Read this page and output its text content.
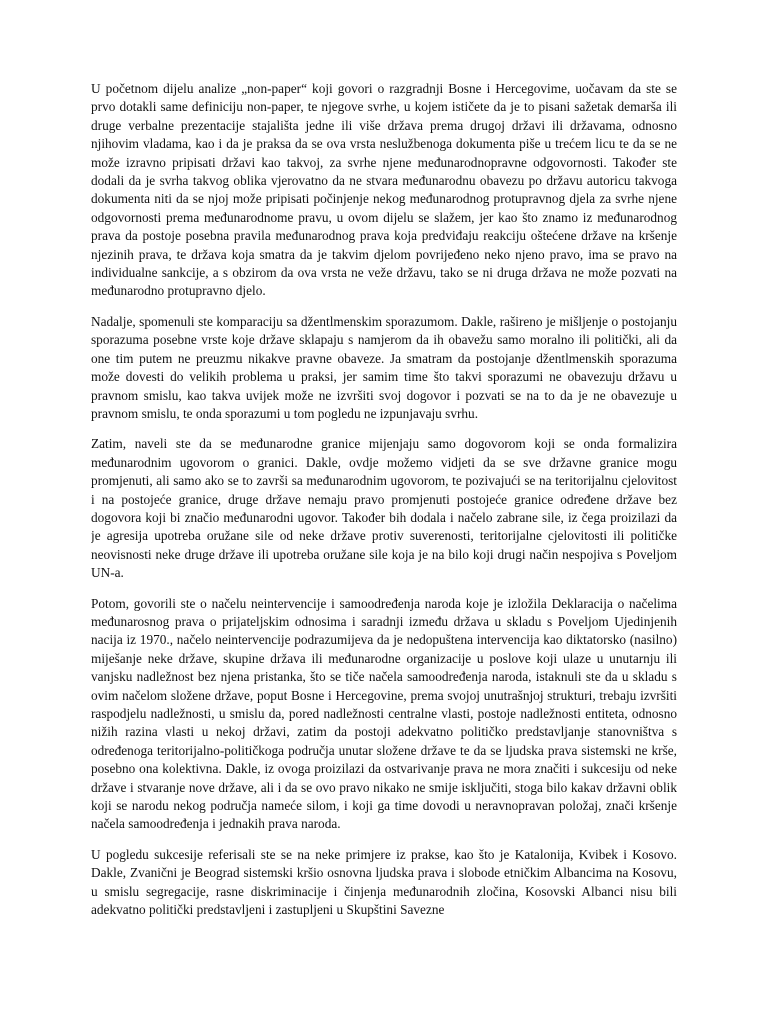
U početnom dijelu analize „non-paper“ koji govori o razgradnji Bosne i Hercegovime, uočavam da ste se prvo dotakli same definiciju non-paper, te njegove svrhe, u kojem ističete da je to pisani sažetak demarša ili druge verbalne prezentacije stajališta jedne ili više država prema drugoj državi ili državama, odnosno njihovim vladama, kao i da je praksa da se ova vrsta neslužbenoga dokumenta piše u trećem licu te da se ne može izravno pripisati državi kao takvoj, za svrhe njene međunarodnopravne odgovornosti. Također ste dodali da je svrha takvog oblika vjerovatno da ne stvara međunarodnu obavezu po državu autoricu takvoga dokumenta niti da se njoj može pripisati počinjenje nekog međunarodnog protupravnog djela za svrhe njene odgovornosti prema međunarodnome pravu, u ovom dijelu se slažem, jer kao što znamo iz međunarodnog prava da postoje posebna pravila međunarodnog prava koja predviđaju reakciju oštećene države na kršenje njezinih prava, te država koja smatra da je takvim djelom povrijeđeno neko njeno pravo, ima se pravo na individualne sankcije, a s obzirom da ova vrsta ne veže državu, tako se ni druga država ne može pozvati na međunarodno protupravno djelo.

Nadalje, spomenuli ste komparaciju sa džentlmenskim sporazumom. Dakle, rašireno je mišljenje o postojanju sporazuma posebne vrste koje države sklapaju s namjerom da ih obavežu samo moralno ili politički, ali da one tim putem ne preuzmu nikakve pravne obaveze. Ja smatram da postojanje džentlmenskih sporazuma može dovesti do velikih problema u praksi, jer samim time što takvi sporazumi ne obavezuju državu u pravnom smislu, kao takva uvijek može ne izvršiti svoj dogovor i pozvati se na to da je ne obavezuje u pravnom smislu, te onda sporazumi u tom pogledu ne izpunjavaju svrhu.

Zatim, naveli ste da se međunarodne granice mijenjaju samo dogovorom koji se onda formalizira međunarodnim ugovorom o granici. Dakle, ovdje možemo vidjeti da se sve državne granice mogu promjenuti, ali samo ako se to završi sa međunarodnim ugovorom, te pozivajući se na teritorijalnu cjelovitost i na postojeće granice, druge države nemaju pravo promjenuti postojeće granice određene države bez dogovora koji bi značio međunarodni ugovor. Također bih dodala i načelo zabrane sile, iz čega proizilazi da je agresija upotreba oružane sile od neke države protiv suverenosti, teritorijalne cjelovitosti ili političke neovisnosti neke druge države ili upotreba oružane sile koja je na bilo koji drugi način nespojiva s Poveljom UN-a.

Potom, govorili ste o načelu neintervencije i samoodređenja naroda koje je izložila Deklaracija o načelima međunarosnog prava o prijateljskim odnosima i saradnji između država u skladu s Poveljom Ujedinjenih nacija iz 1970., načelo neintervencije podrazumijeva da je nedopuštena intervencija kao diktatorsko (nasilno) miješanje neke države, skupine država ili međunarodne organizacije u poslove koji ulaze u unutarnju ili vanjsku nadležnost bez njena pristanka, što se tiče načela samoodređenja naroda, istaknuli ste da u skladu s ovim načelom složene države, poput Bosne i Hercegovine, prema svojoj unutrašnjoj strukturi, trebaju izvršiti raspodjelu nadležnosti, u smislu da, pored nadležnosti centralne vlasti, postoje nadležnosti entiteta, odnosno nižih razina vlasti u nekoj državi, zatim da postoji adekvatno političko predstavljanje stanovništva s određenoga teritorijalno-političkoga područja unutar složene države te da se ljudska prava sistemski ne krše, posebno ona kolektivna. Dakle, iz ovoga proizilazi da ostvarivanje prava ne mora značiti i sukcesiju od neke države i stvaranje nove države, ali i da se ovo pravo nikako ne smije isključiti, stoga bilo kakav državni oblik koji se narodu nekog područja nameće silom, i koji ga time dovodi u neravnopravan položaj, znači kršenje načela samoodređenja i jednakih prava naroda.

U pogledu sukcesije referisali ste se na neke primjere iz prakse, kao što je Katalonija, Kvibek i Kosovo. Dakle, Zvanični je Beograd sistemski kršio osnovna ljudska prava i slobode etničkim Albancima na Kosovu, u smislu segregacije, rasne diskriminacije i činjenja međunarodnih zločina, Kosovski Albanci nisu bili adekvatno politički predstavljeni i zastupljeni u Skupštini Savezne
